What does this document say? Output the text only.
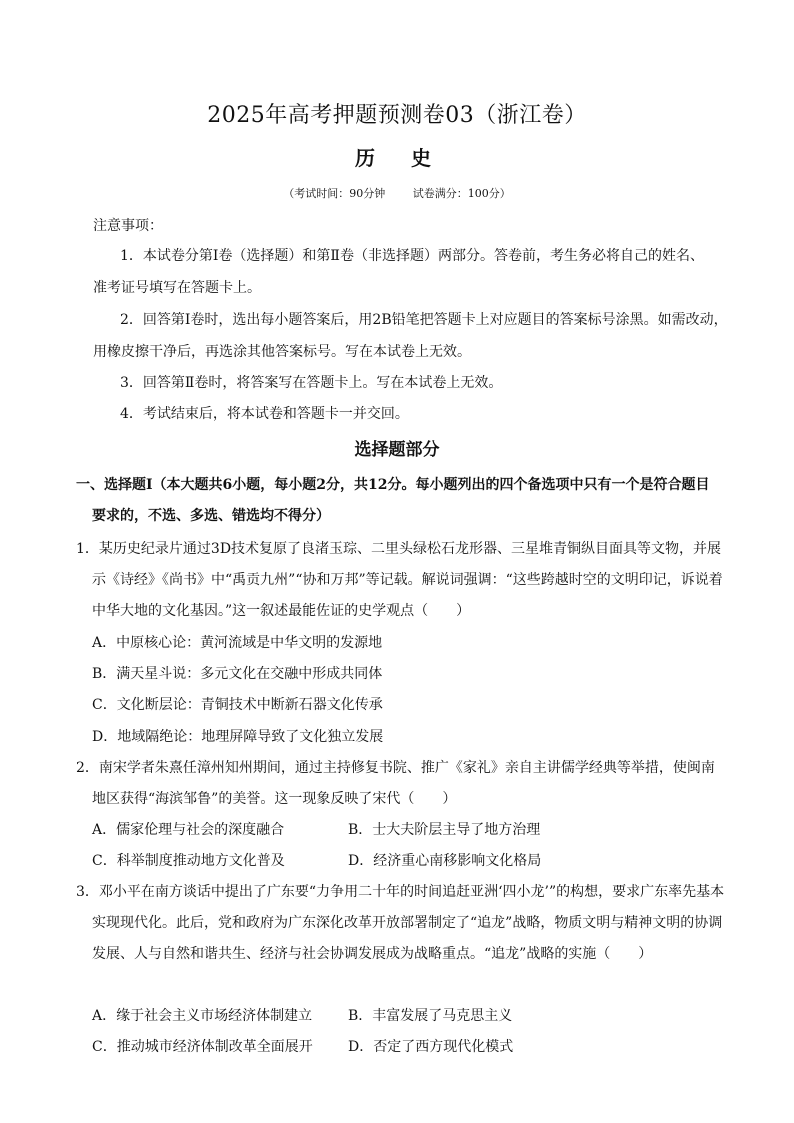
2025年高考押题预测卷03（浙江卷）
历　史
（考试时间：90分钟	试卷满分：100分）
注意事项：
1．本试卷分第Ⅰ卷（选择题）和第Ⅱ卷（非选择题）两部分。答卷前，考生务必将自己的姓名、
准考证号填写在答题卡上。
2．回答第Ⅰ卷时，选出每小题答案后，用2B铅笔把答题卡上对应题目的答案标号涂黑。如需改动，
用橡皮擦干净后，再选涂其他答案标号。写在本试卷上无效。
3．回答第Ⅱ卷时，将答案写在答题卡上。写在本试卷上无效。
4．考试结束后，将本试卷和答题卡一并交回。
选择题部分
一、选择题Ⅰ（本大题共6小题，每小题2分，共12分。每小题列出的四个备选项中只有一个是符合题目
要求的，不选、多选、错选均不得分）
1．某历史纪录片通过3D技术复原了良渚玉琮、二里头绿松石龙形器、三星堆青铜纵目面具等文物，并展
示《诗经》《尚书》中“禹贡九州”“协和万邦”等记载。解说词强调：“这些跨越时空的文明印记，诉说着
中华大地的文化基因。”这一叙述最能佐证的史学观点（　　）
A．中原核心论：黄河流域是中华文明的发源地
B．满天星斗说：多元文化在交融中形成共同体
C．文化断层论：青铜技术中断新石器文化传承
D．地域隔绝论：地理屏障导致了文化独立发展
2．南宋学者朱熹任漳州知州期间，通过主持修复书院、推广《家礼》亲自主讲儒学经典等举措，使闽南
地区获得“海滨邹鲁”的美誉。这一现象反映了宋代（　　）
A．儒家伦理与社会的深度融合	B．士大夫阶层主导了地方治理
C．科举制度推动地方文化普及	D．经济重心南移影响文化格局
3．邓小平在南方谈话中提出了广东要“力争用二十年的时间追赶亚洲‘四小龙’”的构想，要求广东率先基本
实现现代化。此后，党和政府为广东深化改革开放部署制定了“追龙”战略，物质文明与精神文明的协调
发展、人与自然和谐共生、经济与社会协调发展成为战略重点。“追龙”战略的实施（　　）
A．缘于社会主义市场经济体制建立	B．丰富发展了马克思主义
C．推动城市经济体制改革全面展开	D．否定了西方现代化模式
